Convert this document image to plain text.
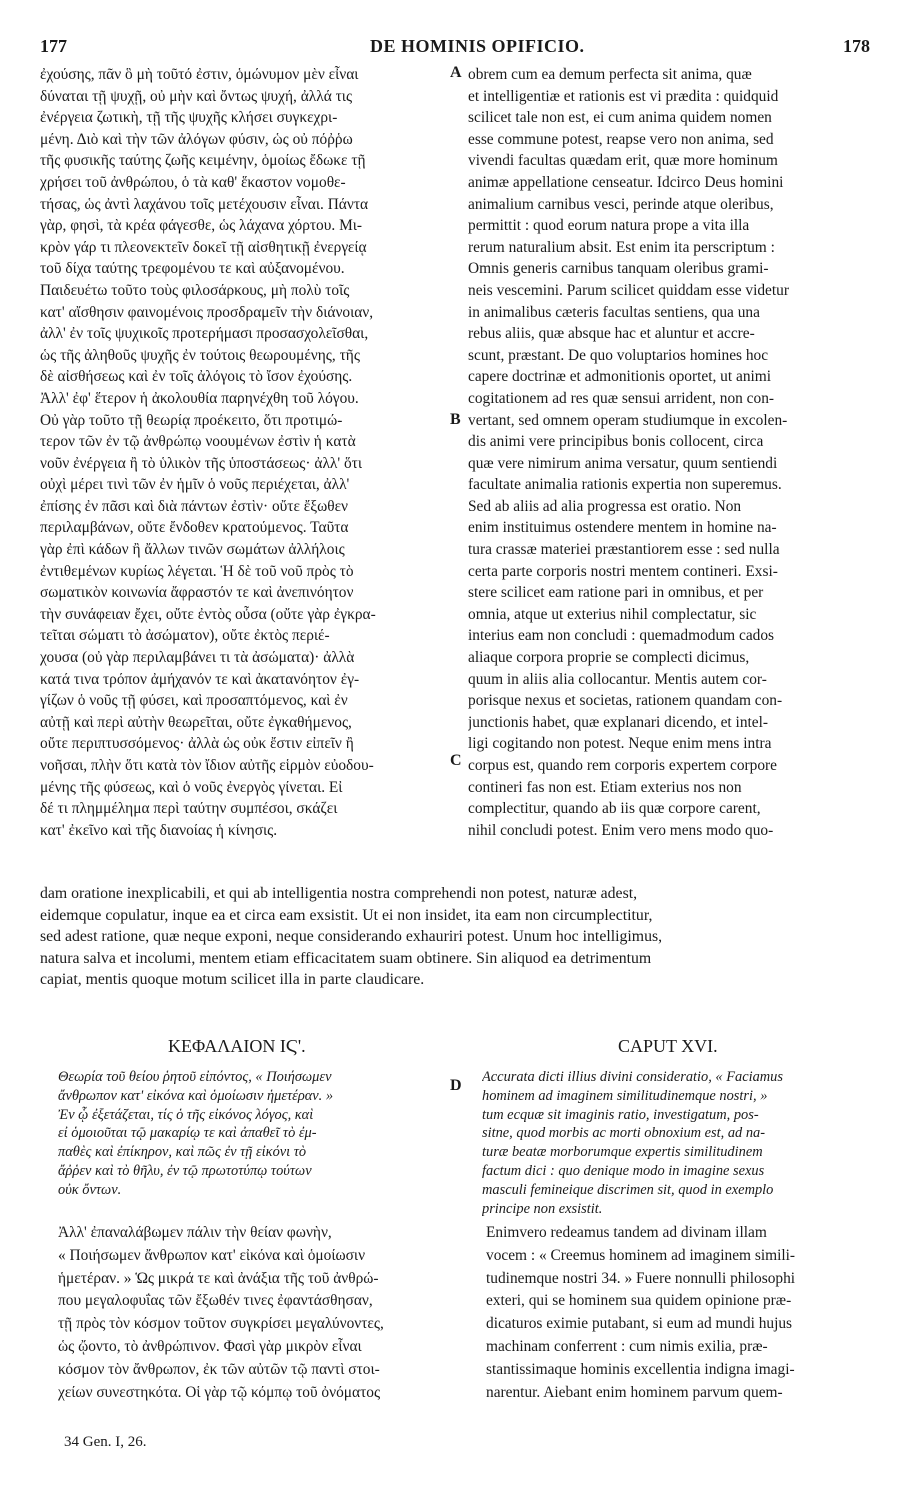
177	DE HOMINIS OPIFICIO.	178

ἐχούσης, πᾶν ὃ μὴ τοῦτό ἐστιν, ὁμώνυμον μὲν εἶναι

δύναται τῇ ψυχῇ, οὐ μὴν καὶ ὄντως ψυχή, ἀλλά τις

ἐνέργεια ζωτικὴ, τῇ τῆς ψυχῆς κλήσει συγκεχρι-

μένη. Διὸ καὶ τὴν τῶν ἀλόγων φύσιν, ὡς οὐ πόῤῥω

τῆς φυσικῆς ταύτης ζωῆς κειμένην, ὁμοίως ἔδωκε τῇ

χρήσει τοῦ ἀνθρώπου, ὁ τὰ καθ' ἕκαστον νομοθε-

τήσας, ὡς ἀντὶ λαχάνου τοῖς μετέχουσιν εἶναι. Πάντα

γὰρ, φησὶ, τὰ κρέα φάγεσθε, ὡς λάχανα χόρτου. Μι-

κρὸν γάρ τι πλεονεκτεῖν δοκεῖ τῇ αἰσθητικῇ ἐνεργείᾳ

τοῦ δίχα ταύτης τρεφομένου τε καὶ αὐξανομένου.

Παιδευέτω τοῦτο τοὺς φιλοσάρκους, μὴ πολὺ τοῖς

κατ' αἴσθησιν φαινομένοις προσδραμεῖν τὴν διάνοιαν,

ἀλλ' ἐν τοῖς ψυχικοῖς προτερήμασι προσασχολεῖσθαι,

ὡς τῆς ἀληθοῦς ψυχῆς ἐν τούτοις θεωρουμένης, τῆς

δὲ αἰσθήσεως καὶ ἐν τοῖς ἀλόγοις τὸ ἴσον ἐχούσης.

Ἀλλ' ἐφ' ἕτερον ἡ ἀκολουθία παρηνέχθη τοῦ λόγου.

Οὐ γὰρ τοῦτο τῇ θεωρίᾳ προέκειτο, ὅτι προτιμώ-

τερον τῶν ἐν τῷ ἀνθρώπῳ νοουμένων ἐστὶν ἡ κατὰ

νοῦν ἐνέργεια ἢ τὸ ὑλικὸν τῆς ὑποστάσεως· ἀλλ' ὅτι

οὐχὶ μέρει τινὶ τῶν ἐν ἡμῖν ὁ νοῦς περιέχεται, ἀλλ'

ἐπίσης ἐν πᾶσι καὶ διὰ πάντων ἐστὶν· οὔτε ἔξωθεν

περιλαμβάνων, οὔτε ἔνδοθεν κρατούμενος. Ταῦτα

γὰρ ἐπὶ κάδων ἢ ἄλλων τινῶν σωμάτων ἀλλήλοις

ἐντιθεμένων κυρίως λέγεται. Ἡ δὲ τοῦ νοῦ πρὸς τὸ

σωματικὸν κοινωνία ἄφραστόν τε καὶ ἀνεπινόητον

τὴν συνάφειαν ἔχει, οὔτε ἐντὸς οὖσα (οὔτε γὰρ ἐγκρα-

τεῖται σώματι τὸ ἀσώματον), οὔτε ἐκτὸς περιέ-

χουσα (οὐ γὰρ περιλαμβάνει τι τὰ ἀσώματα)· ἀλλὰ

κατά τινα τρόπον ἀμήχανόν τε καὶ ἀκατανόητον ἐγ-

γίζων ὁ νοῦς τῇ φύσει, καὶ προσαπτόμενος, καὶ ἐν

αὐτῇ καὶ περὶ αὐτὴν θεωρεῖται, οὔτε ἐγκαθήμενος,

οὔτε περιπτυσσόμενος· ἀλλὰ ὡς οὐκ ἔστιν εἰπεῖν ἢ

νοῆσαι, πλὴν ὅτι κατὰ τὸν ἴδιον αὐτῆς εἱρμὸν εὐοδου-

μένης τῆς φύσεως, καὶ ὁ νοῦς ἐνεργὸς γίνεται. Εἰ

δέ τι πλημμέλημα περὶ ταύτην συμπέσοι, σκάζει

κατ' ἐκεῖνο καὶ τῆς διανοίας ἡ κίνησις.

obrem cum ea demum perfecta sit anima, quæ

et intelligentiæ et rationis est vi prædita : quidquid

scilicet tale non est, ei cum anima quidem nomen

esse commune potest, reapse vero non anima, sed

vivendi facultas quædam erit, quæ more hominum

animæ appellatione censeatur. Idcirco Deus homini

animalium carnibus vesci, perinde atque oleribus,

permittit : quod eorum natura prope a vita illa

rerum naturalium absit. Est enim ita perscriptum :

Omnis generis carnibus tanquam oleribus grami-

neis vescemini. Parum scilicet quiddam esse videtur

in animalibus cæteris facultas sentiens, qua una

rebus aliis, quæ absque hac et aluntur et accre-

scunt, præstant. De quo voluptarios homines hoc

capere doctrinæ et admonitionis oportet, ut animi

cogitationem ad res quæ sensui arrident, non con-

vertant, sed omnem operam studiumque in excolen-

dis animi vere principibus bonis collocent, circa

quæ vere nimirum anima versatur, quum sentiendi

facultate animalia rationis expertia non superemus.

Sed ab aliis ad alia progressa est oratio. Non

enim instituimus ostendere mentem in homine na-

tura crassæ materiei præstantiorem esse : sed nulla

certa parte corporis nostri mentem contineri. Exsi-

stere scilicet eam ratione pari in omnibus, et per

omnia, atque ut exterius nihil complectatur, sic

interius eam non concludi : quemadmodum cados

aliaque corpora proprie se complecti dicimus,

quum in aliis alia collocantur. Mentis autem cor-

porisque nexus et societas, rationem quandam con-

junctionis habet, quæ explanari dicendo, et intel-

ligi cogitando non potest. Neque enim mens intra

corpus est, quando rem corporis expertem corpore

contineri fas non est. Etiam exterius nos non

complectitur, quando ab iis quæ corpore carent,

nihil concludi potest. Enim vero mens modo quo-

A
B
C
D

dam oratione inexplicabili, et qui ab intelligentia nostra comprehendi non potest, naturæ adest,

eidemque copulatur, inque ea et circa eam exsistit. Ut ei non insidet, ita eam non circumplectitur,

sed adest ratione, quæ neque exponi, neque considerando exhauriri potest. Unum hoc intelligimus,

natura salva et incolumi, mentem etiam efficacitatem suam obtinere. Sin aliquod ea detrimentum

capiat, mentis quoque motum scilicet illa in parte claudicare.

ΚΕΦΑΛΑΙΟΝ ΙϚ'.	CAPUT XVI.

Θεωρία τοῦ θείου ῥητοῦ εἰπόντος, « Ποιήσωμεν

ἄνθρωπον κατ' εἰκόνα καὶ ὁμοίωσιν ἡμετέραν. »

Ἐν ᾧ ἐξετάζεται, τίς ὁ τῆς εἰκόνος λόγος, καὶ

εἰ ὁμοιοῦται τῷ μακαρίῳ τε καὶ ἀπαθεῖ τὸ ἐμ-

παθὲς καὶ ἐπίκηρον, καὶ πῶς ἐν τῇ εἰκόνι τὸ

ἄῤῥεν καὶ τὸ θῆλυ, ἐν τῷ πρωτοτύπῳ τούτων

οὐκ ὄντων.

Accurata dicti illius divini consideratio, « Faciamus

hominem ad imaginem similitudinemque nostri, »

tum ecquæ sit imaginis ratio, investigatum, pos-

sitne, quod morbis ac morti obnoxium est, ad na-

turæ beatæ morborumque expertis similitudinem

factum dici : quo denique modo in imagine sexus

masculi femineique discrimen sit, quod in exemplo

principe non exsistit.

Ἀλλ' ἐπαναλάβωμεν πάλιν τὴν θείαν φωνὴν,

« Ποιήσωμεν ἄνθρωπον κατ' εἰκόνα καὶ ὁμοίωσιν

ἡμετέραν. » Ὡς μικρά τε καὶ ἀνάξια τῆς τοῦ ἀνθρώ-

που μεγαλοφυΐας τῶν ἔξωθέν τινες ἐφαντάσθησαν,

τῇ πρὸς τὸν κόσμον τοῦτον συγκρίσει μεγαλύνοντες,

ὡς ᾤοντο, τὸ ἀνθρώπινον. Φασὶ γὰρ μικρὸν εἶναι

κόσμον τὸν ἄνθρωπον, ἐκ τῶν αὐτῶν τῷ παντὶ στοι-

χείων συνεστηκότα. Οἱ γὰρ τῷ κόμπῳ τοῦ ὀνόματος

Enimvero redeamus tandem ad divinam illam

vocem : « Creemus hominem ad imaginem simili-

tudinemque nostri 34. » Fuere nonnulli philosophi

exteri, qui se hominem sua quidem opinione præ-

dicaturos eximie putabant, si eum ad mundi hujus

machinam conferrent : cum nimis exilia, præ-

stantissimaque hominis excellentia indigna imagi-

narentur. Aiebant enim hominem parvum quem-

34 Gen. I, 26.
